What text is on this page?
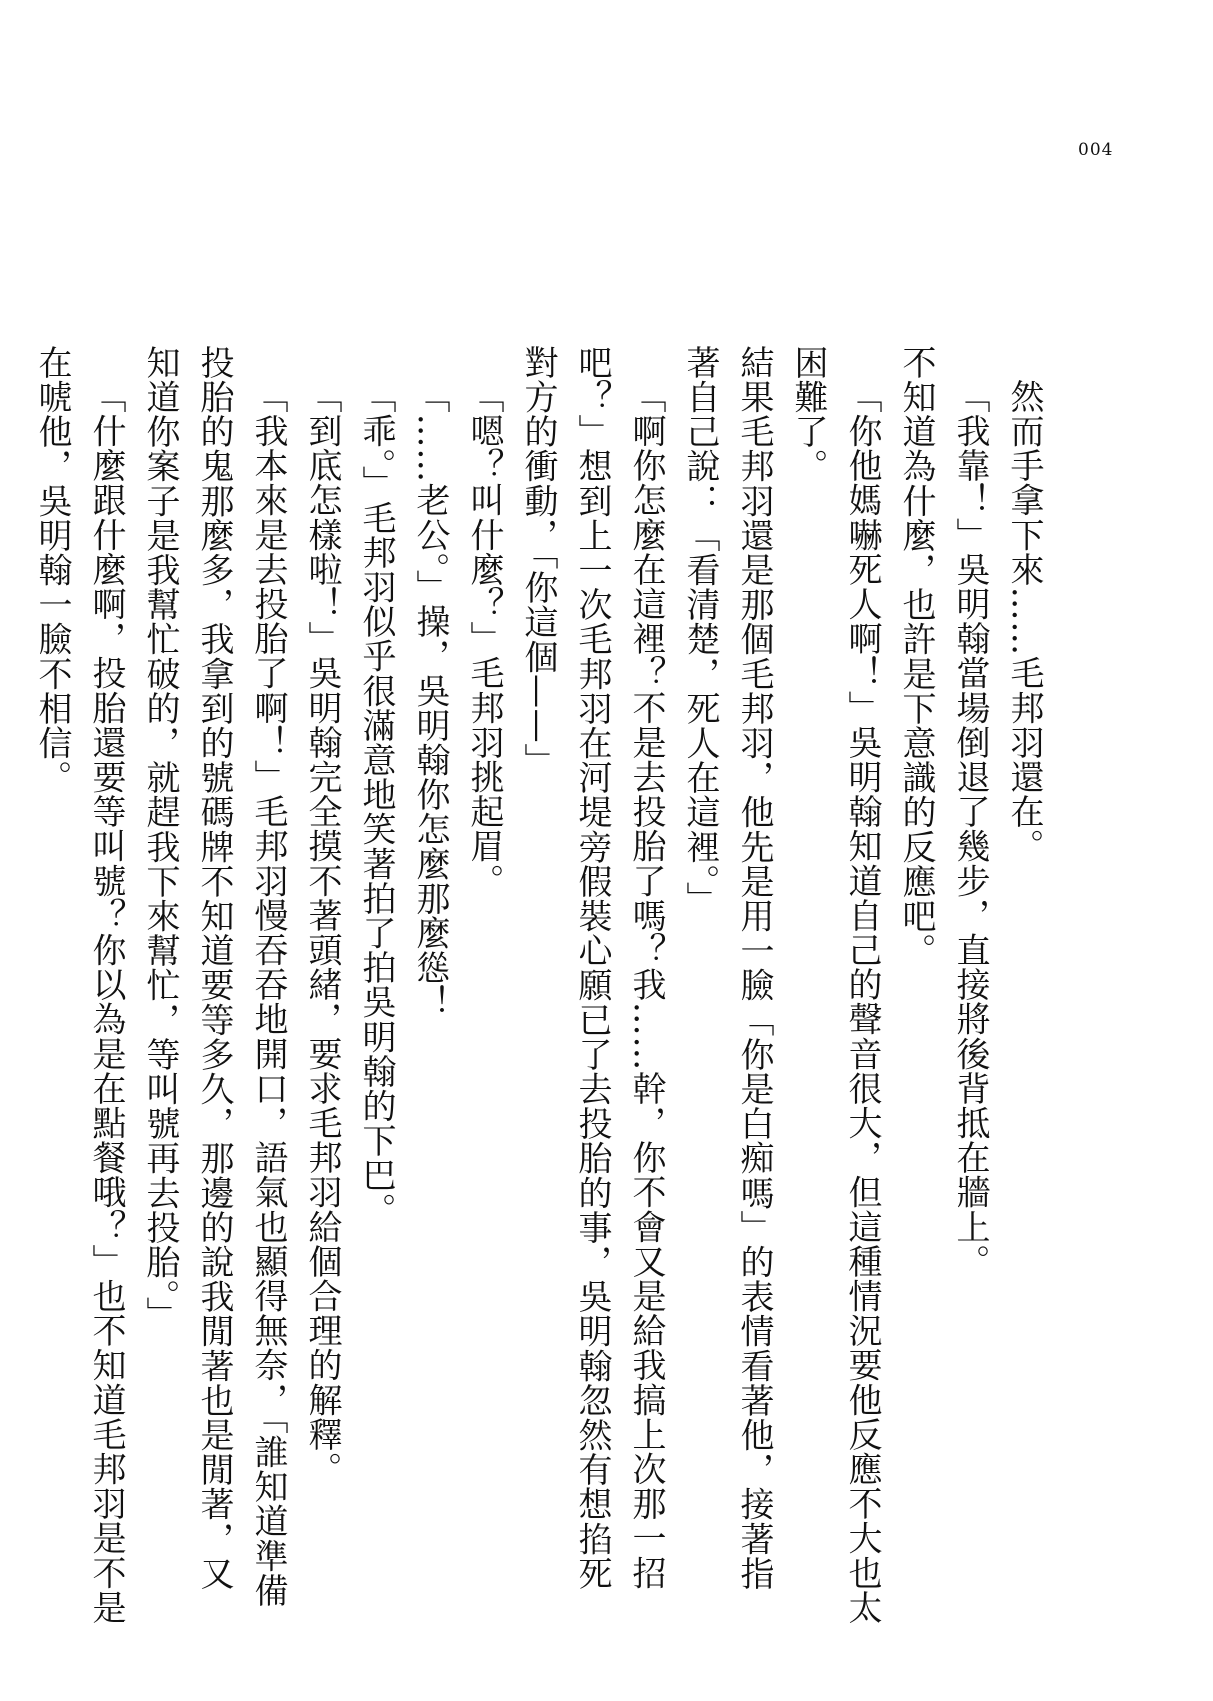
004

然而手拿下來……毛邦羽還在。

「我靠！」吳明翰當場倒退了幾步，直接將後背抵在牆上。

不知道為什麼，也許是下意識的反應吧。

「你他媽嚇死人啊！」吳明翰知道自己的聲音很大，但這種情況要他反應不大也太困難了。

結果毛邦羽還是那個毛邦羽，他先是用一臉「你是白痴嗎」的表情看著他，接著指著自己說：「看清楚，死人在這裡。」

「啊你怎麼在這裡？不是去投胎了嗎？我……幹，你不會又是給我搞上次那一招吧？」想到上一次毛邦羽在河堤旁假裝心願已了去投胎的事，吳明翰忽然有想掐死對方的衝動，「你這個——」

「嗯？叫什麼？」毛邦羽挑起眉。

「……老公。」操，吳明翰你怎麼那麼慫！

「乖。」毛邦羽似乎很滿意地笑著拍了拍吳明翰的下巴。

「到底怎樣啦！」吳明翰完全摸不著頭緒，要求毛邦羽給個合理的解釋。

「我本來是去投胎了啊！」毛邦羽慢吞吞地開口，語氣也顯得無奈，「誰知道準備投胎的鬼那麼多，我拿到的號碼牌不知道要等多久，那邊的說我閒著也是閒著，又知道你案子是我幫忙破的，就趕我下來幫忙，等叫號再去投胎。」

「什麼跟什麼啊，投胎還要等叫號？你以為是在點餐哦？」也不知道毛邦羽是不是在唬他，吳明翰一臉不相信。
